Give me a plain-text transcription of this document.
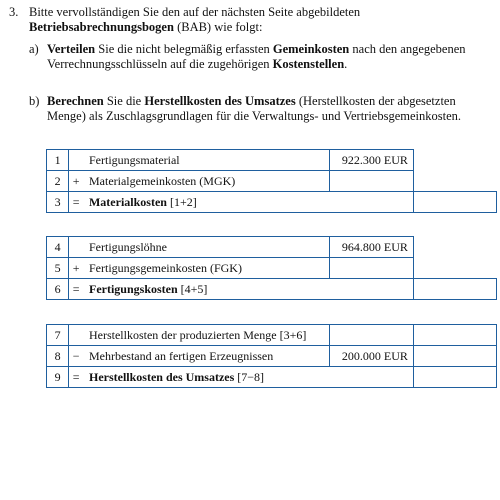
3. Bitte vervollständigen Sie den auf der nächsten Seite abgebildeten Betriebsabrechnungsbogen (BAB) wie folgt:
a) Verteilen Sie die nicht belegmäßig erfassten Gemeinkosten nach den angegebenen Verrechnungsschlüsseln auf die zugehörigen Kostenstellen.
b) Berechnen Sie die Herstellkosten des Umsatzes (Herstellkosten der abgesetzten Menge) als Zuschlagsgrundlagen für die Verwaltungs- und Vertriebsgemeinkosten.
1		Fertigungsmaterial	922.300 EUR	
2	+	Materialgemeinkosten (MGK)		
3	=	Materialkosten [1+2]		
4		Fertigungslöhne	964.800 EUR	
5	+	Fertigungsgemeinkosten (FGK)		
6	=	Fertigungskosten [4+5]		
7		Herstellkosten der produzierten Menge [3+6]		
8	−	Mehrbestand an fertigen Erzeugnissen	200.000 EUR	
9	=	Herstellkosten des Umsatzes [7−8]		
